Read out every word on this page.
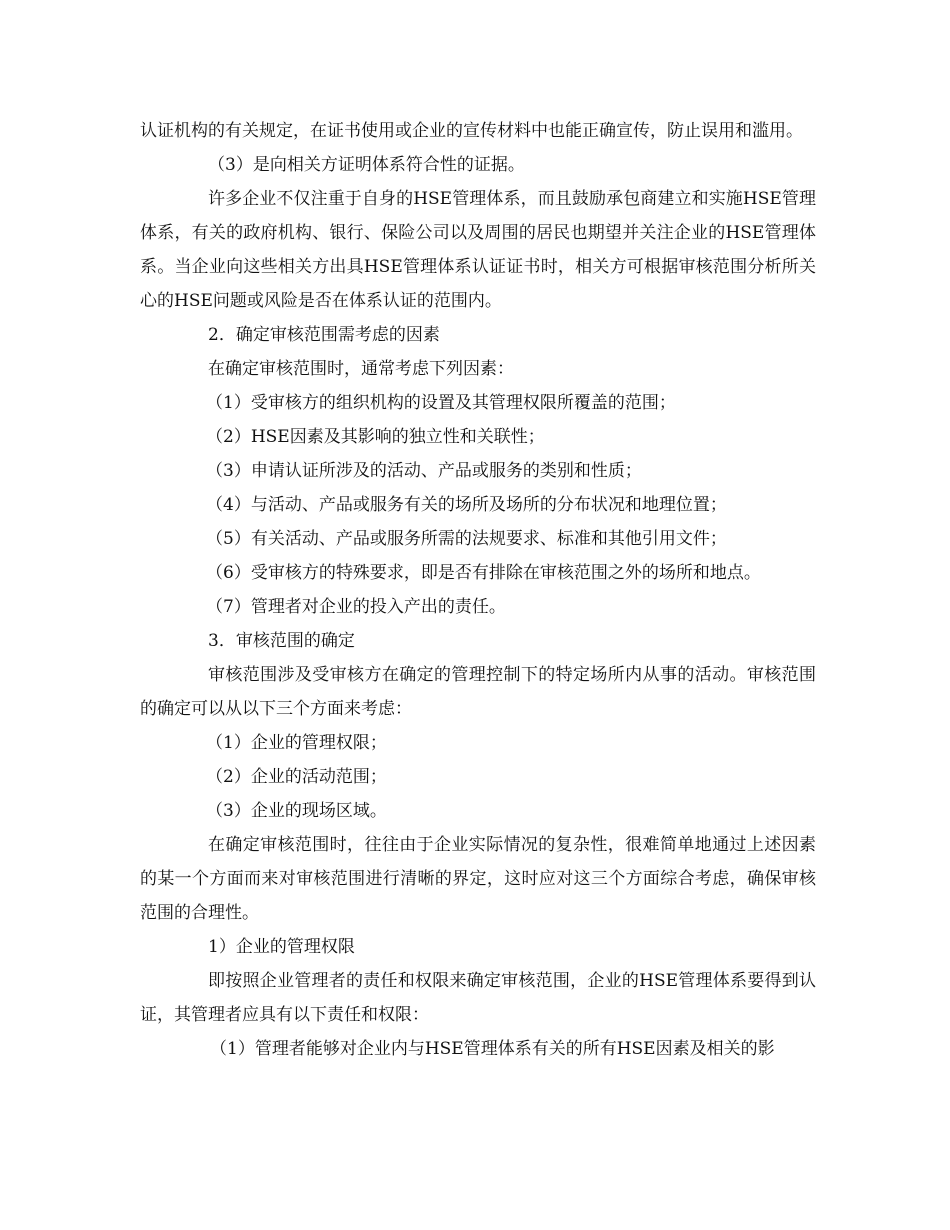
认证机构的有关规定，在证书使用或企业的宣传材料中也能正确宣传，防止误用和滥用。

（3）是向相关方证明体系符合性的证据。

许多企业不仅注重于自身的HSE管理体系，而且鼓励承包商建立和实施HSE管理体系，有关的政府机构、银行、保险公司以及周围的居民也期望并关注企业的HSE管理体系。当企业向这些相关方出具HSE管理体系认证证书时，相关方可根据审核范围分析所关心的HSE问题或风险是否在体系认证的范围内。

2．确定审核范围需考虑的因素

在确定审核范围时，通常考虑下列因素：

（1）受审核方的组织机构的设置及其管理权限所覆盖的范围；

（2）HSE因素及其影响的独立性和关联性；

（3）申请认证所涉及的活动、产品或服务的类别和性质；

（4）与活动、产品或服务有关的场所及场所的分布状况和地理位置；

（5）有关活动、产品或服务所需的法规要求、标准和其他引用文件；

（6）受审核方的特殊要求，即是否有排除在审核范围之外的场所和地点。

（7）管理者对企业的投入产出的责任。

3．审核范围的确定

审核范围涉及受审核方在确定的管理控制下的特定场所内从事的活动。审核范围的确定可以从以下三个方面来考虑：

（1）企业的管理权限；

（2）企业的活动范围；

（3）企业的现场区域。

在确定审核范围时，往往由于企业实际情况的复杂性，很难简单地通过上述因素的某一个方面而来对审核范围进行清晰的界定，这时应对这三个方面综合考虑，确保审核范围的合理性。

1）企业的管理权限

即按照企业管理者的责任和权限来确定审核范围，企业的HSE管理体系要得到认证，其管理者应具有以下责任和权限：

（1）管理者能够对企业内与HSE管理体系有关的所有HSE因素及相关的影
